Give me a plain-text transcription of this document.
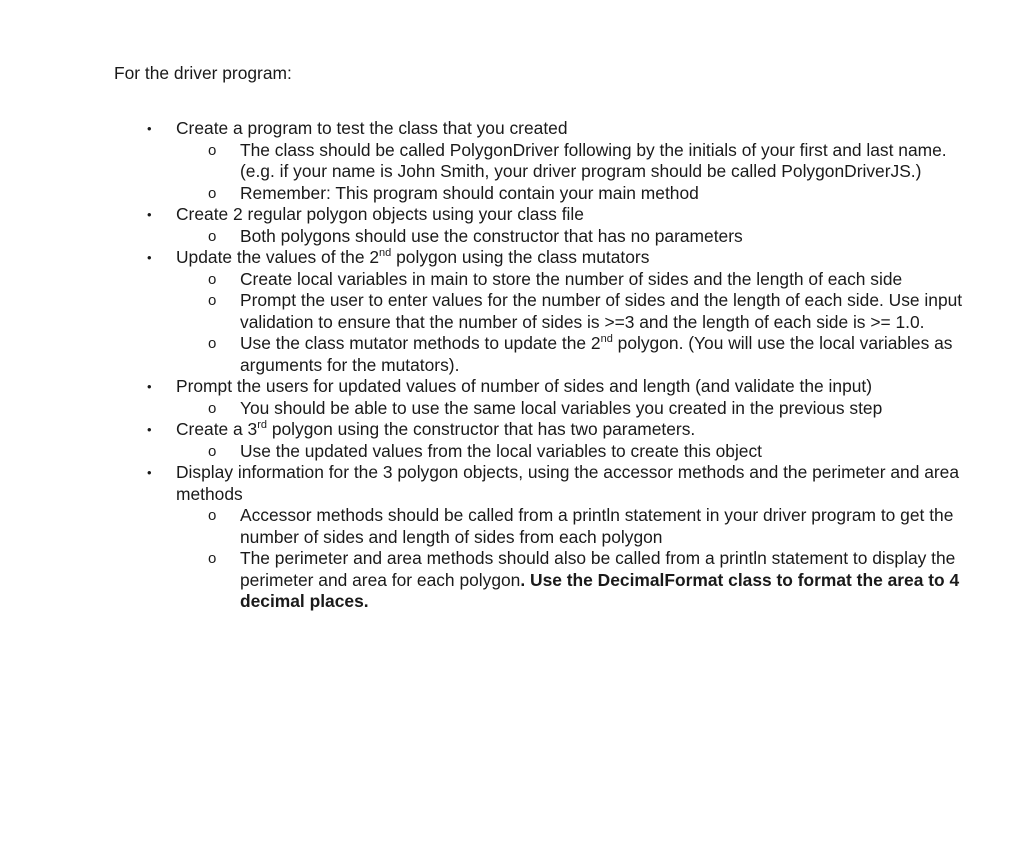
For the driver program:

• Create a program to test the class that you created
o The class should be called PolygonDriver following by the initials of your first and last name. (e.g. if your name is John Smith, your driver program should be called PolygonDriverJS.)
o Remember: This program should contain your main method
• Create 2 regular polygon objects using your class file
o Both polygons should use the constructor that has no parameters
• Update the values of the 2nd polygon using the class mutators
o Create local variables in main to store the number of sides and the length of each side
o Prompt the user to enter values for the number of sides and the length of each side. Use input validation to ensure that the number of sides is >=3 and the length of each side is >= 1.0.
o Use the class mutator methods to update the 2nd polygon. (You will use the local variables as arguments for the mutators).
• Prompt the users for updated values of number of sides and length (and validate the input)
o You should be able to use the same local variables you created in the previous step
• Create a 3rd polygon using the constructor that has two parameters.
o Use the updated values from the local variables to create this object
• Display information for the 3 polygon objects, using the accessor methods and the perimeter and area methods
o Accessor methods should be called from a println statement in your driver program to get the number of sides and length of sides from each polygon
o The perimeter and area methods should also be called from a println statement to display the perimeter and area for each polygon. Use the DecimalFormat class to format the area to 4 decimal places.
